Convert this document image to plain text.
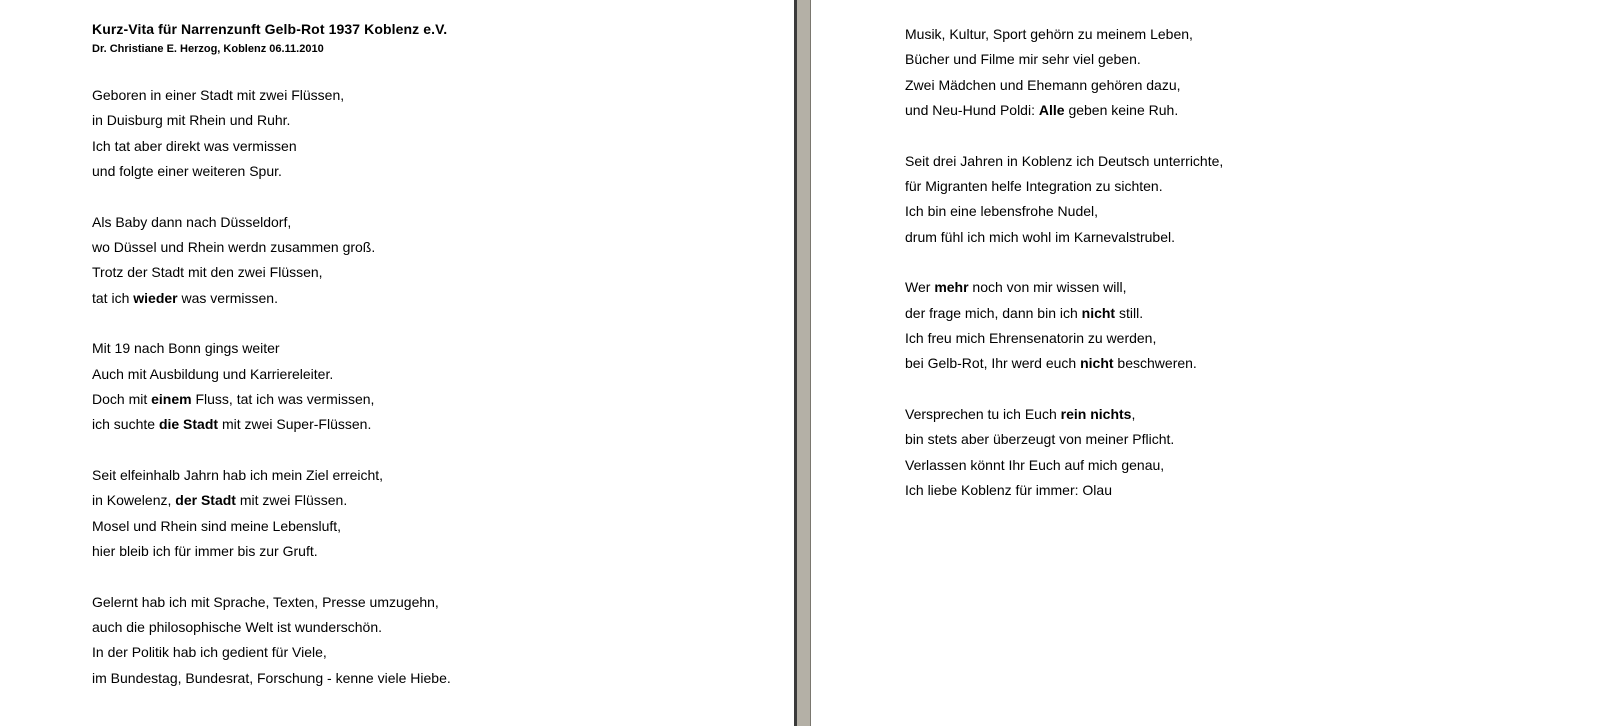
Kurz-Vita für Narrenzunft Gelb-Rot 1937 Koblenz e.V.
Dr. Christiane E. Herzog, Koblenz 06.11.2010
Geboren in einer Stadt mit zwei Flüssen,
in Duisburg mit Rhein und Ruhr.
Ich tat aber direkt was vermissen
und folgte einer weiteren Spur.
Als Baby dann nach Düsseldorf,
wo Düssel und Rhein werdn zusammen groß.
Trotz der Stadt mit den zwei Flüssen,
tat ich wieder was vermissen.
Mit 19 nach Bonn gings weiter
Auch mit Ausbildung und Karriereleiter.
Doch mit einem Fluss, tat ich was vermissen,
ich suchte die Stadt mit zwei Super-Flüssen.
Seit elfeinhalb Jahrn hab ich mein Ziel erreicht,
in Kowelenz, der Stadt mit zwei Flüssen.
Mosel und Rhein sind meine Lebensluft,
hier bleib ich für immer bis zur Gruft.
Gelernt hab ich mit Sprache, Texten, Presse umzugehn,
auch die philosophische Welt ist wunderschön.
In der Politik hab ich gedient für Viele,
im Bundestag, Bundesrat, Forschung - kenne viele Hiebe.
Musik, Kultur, Sport gehörn zu meinem Leben,
Bücher und Filme mir sehr viel geben.
Zwei Mädchen und Ehemann gehören dazu,
und Neu-Hund Poldi: Alle geben keine Ruh.
Seit drei Jahren in Koblenz ich Deutsch unterrichte,
für Migranten helfe Integration zu sichten.
Ich bin eine lebensfrohe Nudel,
drum fühl ich mich wohl im Karnevalstrubel.
Wer mehr noch von mir wissen will,
der frage mich, dann bin ich nicht still.
Ich freu mich Ehrensenatorin zu werden,
bei Gelb-Rot, Ihr werd euch nicht beschweren.
Versprechen tu ich Euch rein nichts,
bin stets aber überzeugt von meiner Pflicht.
Verlassen könnt Ihr Euch auf mich genau,
Ich liebe Koblenz für immer: Olau
